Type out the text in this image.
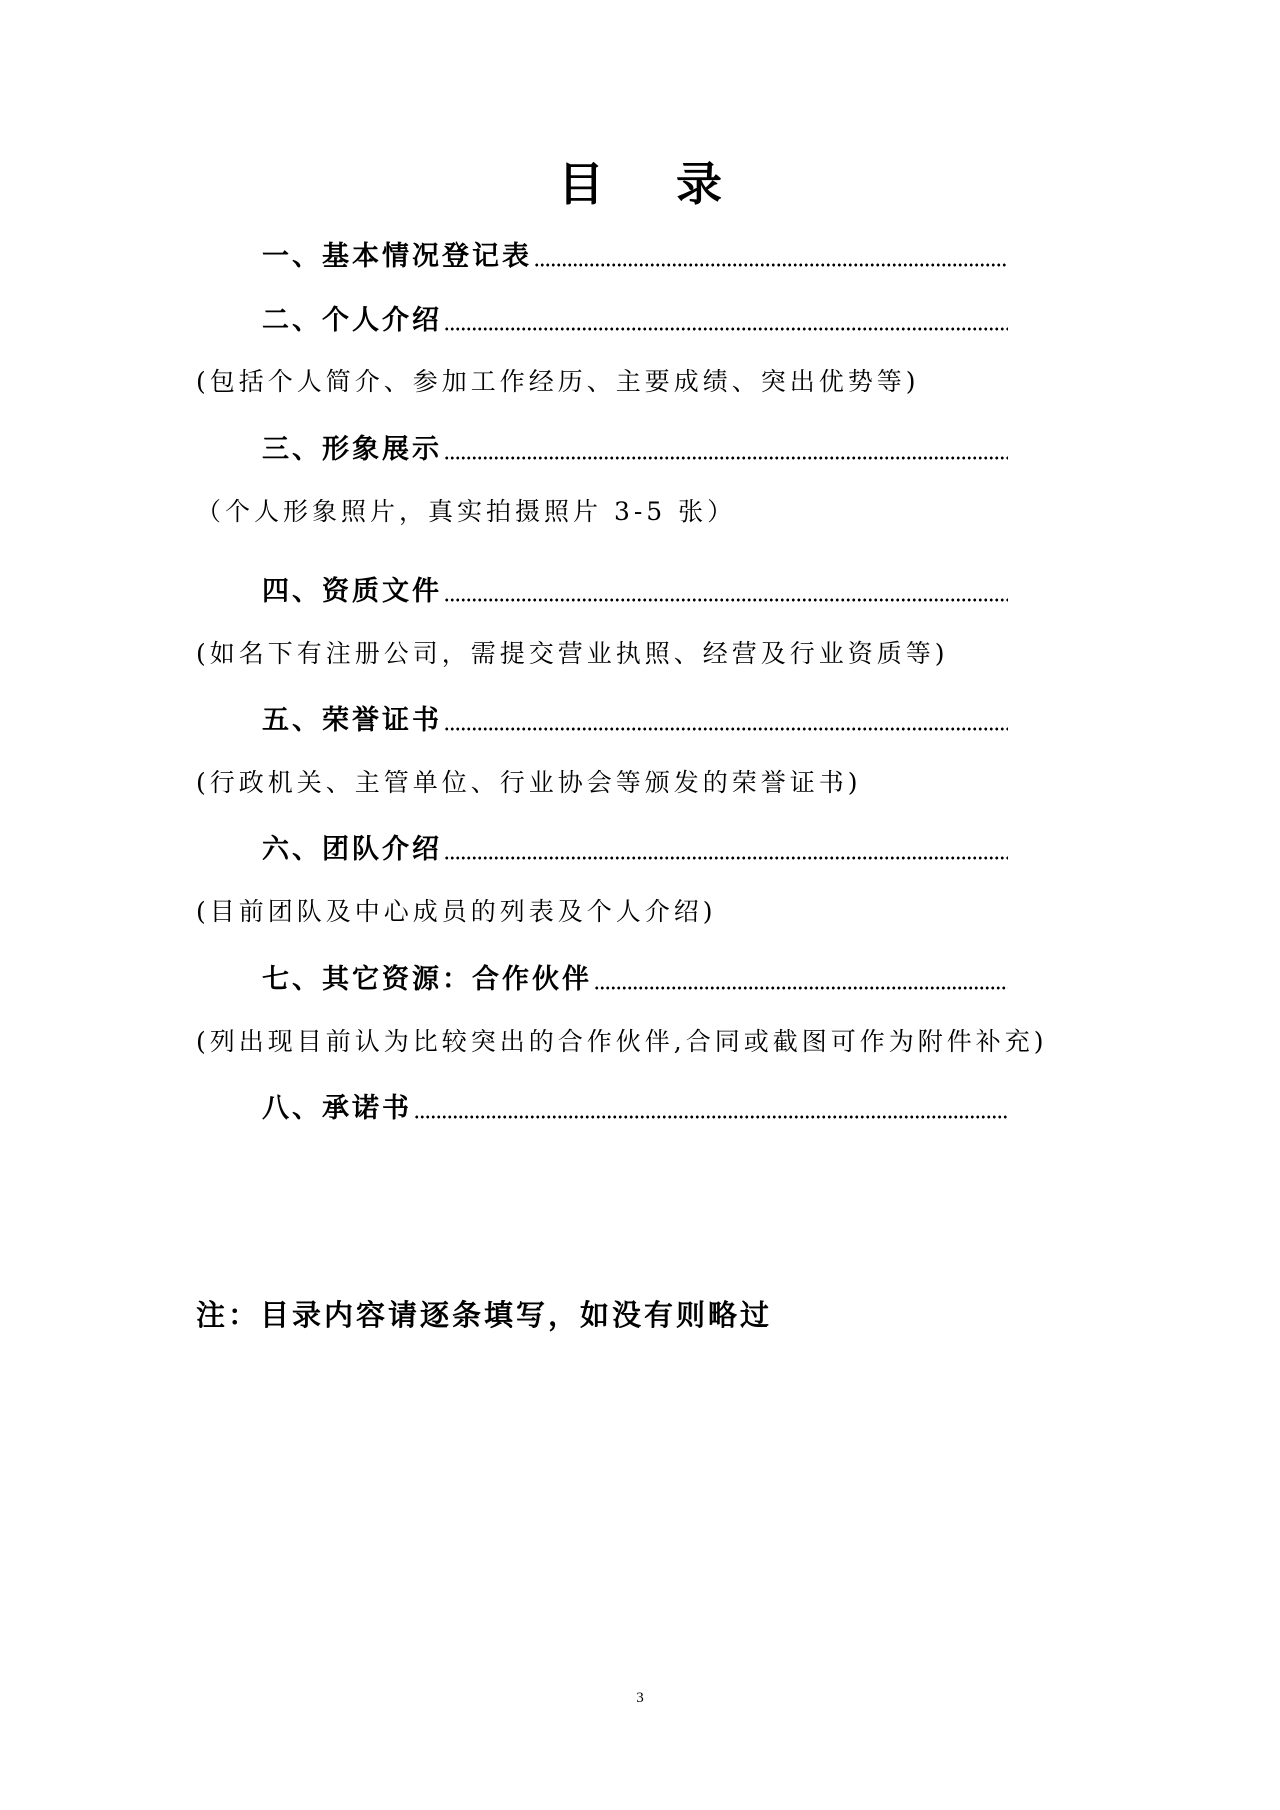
目 录
一、基本情况登记表
二、个人介绍
(包括个人简介、参加工作经历、主要成绩、突出优势等)
三、形象展示
（个人形象照片，真实拍摄照片 3-5 张）
四、资质文件
(如名下有注册公司，需提交营业执照、经营及行业资质等)
五、荣誉证书
(行政机关、主管单位、行业协会等颁发的荣誉证书)
六、团队介绍
(目前团队及中心成员的列表及个人介绍)
七、其它资源：合作伙伴
(列出现目前认为比较突出的合作伙伴,合同或截图可作为附件补充)
八、承诺书
注：目录内容请逐条填写，如没有则略过
3
